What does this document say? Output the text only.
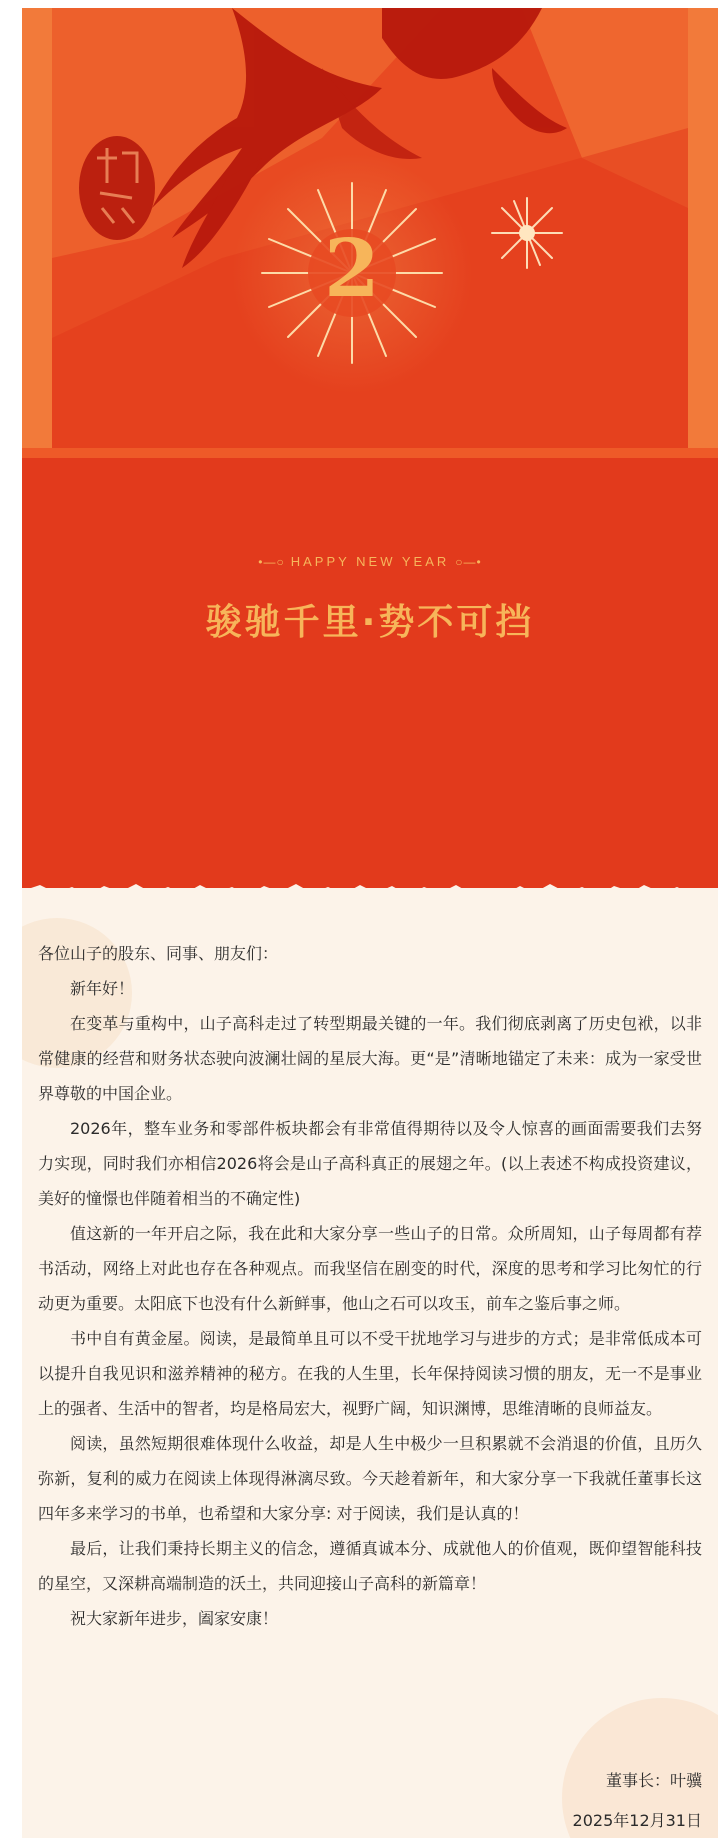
2
•—○ HAPPY NEW YEAR ○—•
骏驰千里·势不可挡

各位山子的股东、同事、朋友们：

新年好！

在变革与重构中，山子高科走过了转型期最关键的一年。我们彻底剥离了历史包袱，以非常健康的经营和财务状态驶向波澜壮阔的星辰大海。更“是”清晰地锚定了未来：成为一家受世界尊敬的中国企业。

2026年，整车业务和零部件板块都会有非常值得期待以及令人惊喜的画面需要我们去努力实现，同时我们亦相信2026将会是山子高科真正的展翅之年。(以上表述不构成投资建议，美好的憧憬也伴随着相当的不确定性)

值这新的一年开启之际，我在此和大家分享一些山子的日常。众所周知，山子每周都有荐书活动，网络上对此也存在各种观点。而我坚信在剧变的时代，深度的思考和学习比匆忙的行动更为重要。太阳底下也没有什么新鲜事，他山之石可以攻玉，前车之鉴后事之师。

书中自有黄金屋。阅读，是最简单且可以不受干扰地学习与进步的方式；是非常低成本可以提升自我见识和滋养精神的秘方。在我的人生里，长年保持阅读习惯的朋友，无一不是事业上的强者、生活中的智者，均是格局宏大，视野广阔，知识渊博，思维清晰的良师益友。

阅读，虽然短期很难体现什么收益，却是人生中极少一旦积累就不会消退的价值，且历久弥新，复利的威力在阅读上体现得淋漓尽致。今天趁着新年，和大家分享一下我就任董事长这四年多来学习的书单，也希望和大家分享: 对于阅读，我们是认真的！

最后，让我们秉持长期主义的信念，遵循真诚本分、成就他人的价值观，既仰望智能科技的星空，又深耕高端制造的沃土，共同迎接山子高科的新篇章！

祝大家新年进步，阖家安康！

董事长：叶骥
2025年12月31日
